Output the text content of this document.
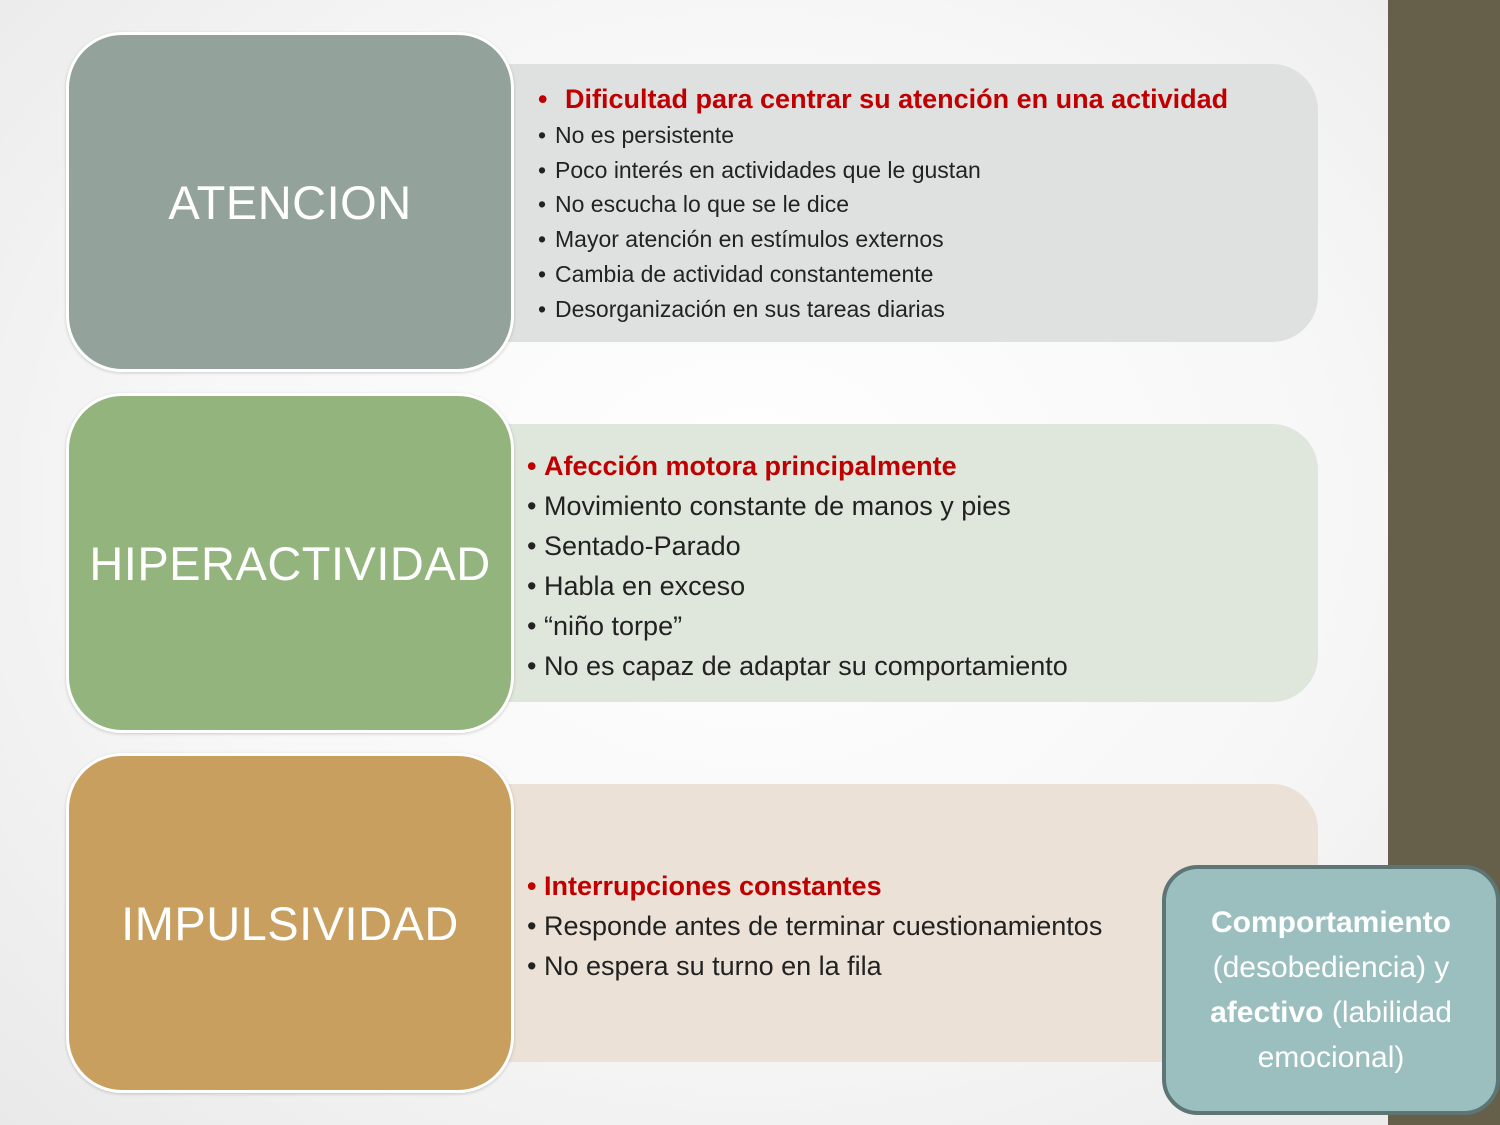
• Dificultad para centrar su atención en una actividad
• No es persistente
• Poco interés en actividades que le gustan
• No escucha lo que se le dice
• Mayor atención en estímulos externos
• Cambia de actividad constantemente
• Desorganización en sus tareas diarias
ATENCION
• Afección motora principalmente
• Movimiento constante de manos y pies
• Sentado-Parado
• Habla en exceso
• “niño torpe”
• No es capaz de adaptar su comportamiento
HIPERACTIVIDAD
• Interrupciones constantes
• Responde antes de terminar cuestionamientos
• No espera su turno en la fila
IMPULSIVIDAD	Comportamiento
(desobediencia) y
afectivo (labilidad emocional)
